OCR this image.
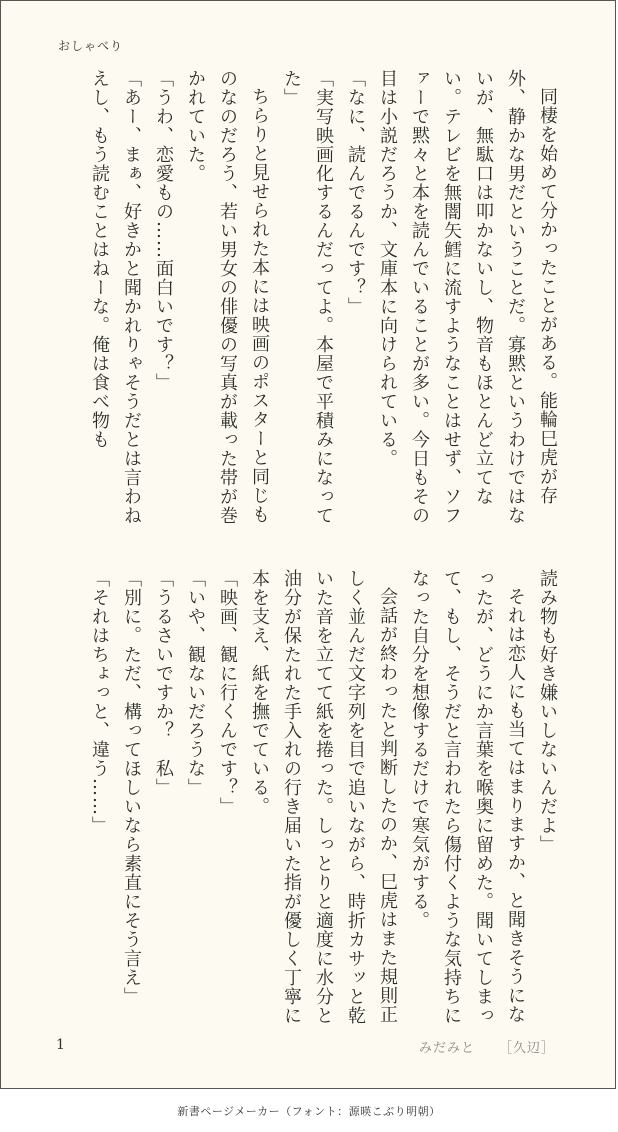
おしゃべり

同棲を始めて分かったことがある。能輪巳虎が存外、静かな男だということだ。寡黙というわけではないが、無駄口は叩かないし、物音もほとんど立てない。テレビを無闇矢鱈に流すようなことはせず、ソファーで黙々と本を読んでいることが多い。今日もその目は小説だろうか、文庫本に向けられている。

「なに、読んでるんです？」

「実写映画化するんだってよ。本屋で平積みになってた」

ちらりと見せられた本には映画のポスターと同じものなのだろう、若い男女の俳優の写真が載った帯が巻かれていた。

「うわ、恋愛もの……面白いです？」

「あー、まぁ、好きかと聞かれりゃそうだとは言わねえし、もう読むことはねーな。俺は食べ物も

読み物も好き嫌いしないんだよ」

それは恋人にも当てはまりますか、と聞きそうになったが、どうにか言葉を喉奥に留めた。聞いてしまって、もし、そうだと言われたら傷付くような気持ちになった自分を想像するだけで寒気がする。

会話が終わったと判断したのか、巳虎はまた規則正しく並んだ文字列を目で追いながら、時折カサッと乾いた音を立てて紙を捲った。しっとりと適度に水分と油分が保たれた手入れの行き届いた指が優しく丁寧に本を支え、紙を撫でている。

「映画、観に行くんです？」

「いや、観ないだろうな」

「うるさいですか？　私」

「別に。ただ、構ってほしいなら素直にそう言え」

「それはちょっと、違う……」

1	みだみと ［久辺］
新書ページメーカー（フォント：源暎こぶり明朝）
